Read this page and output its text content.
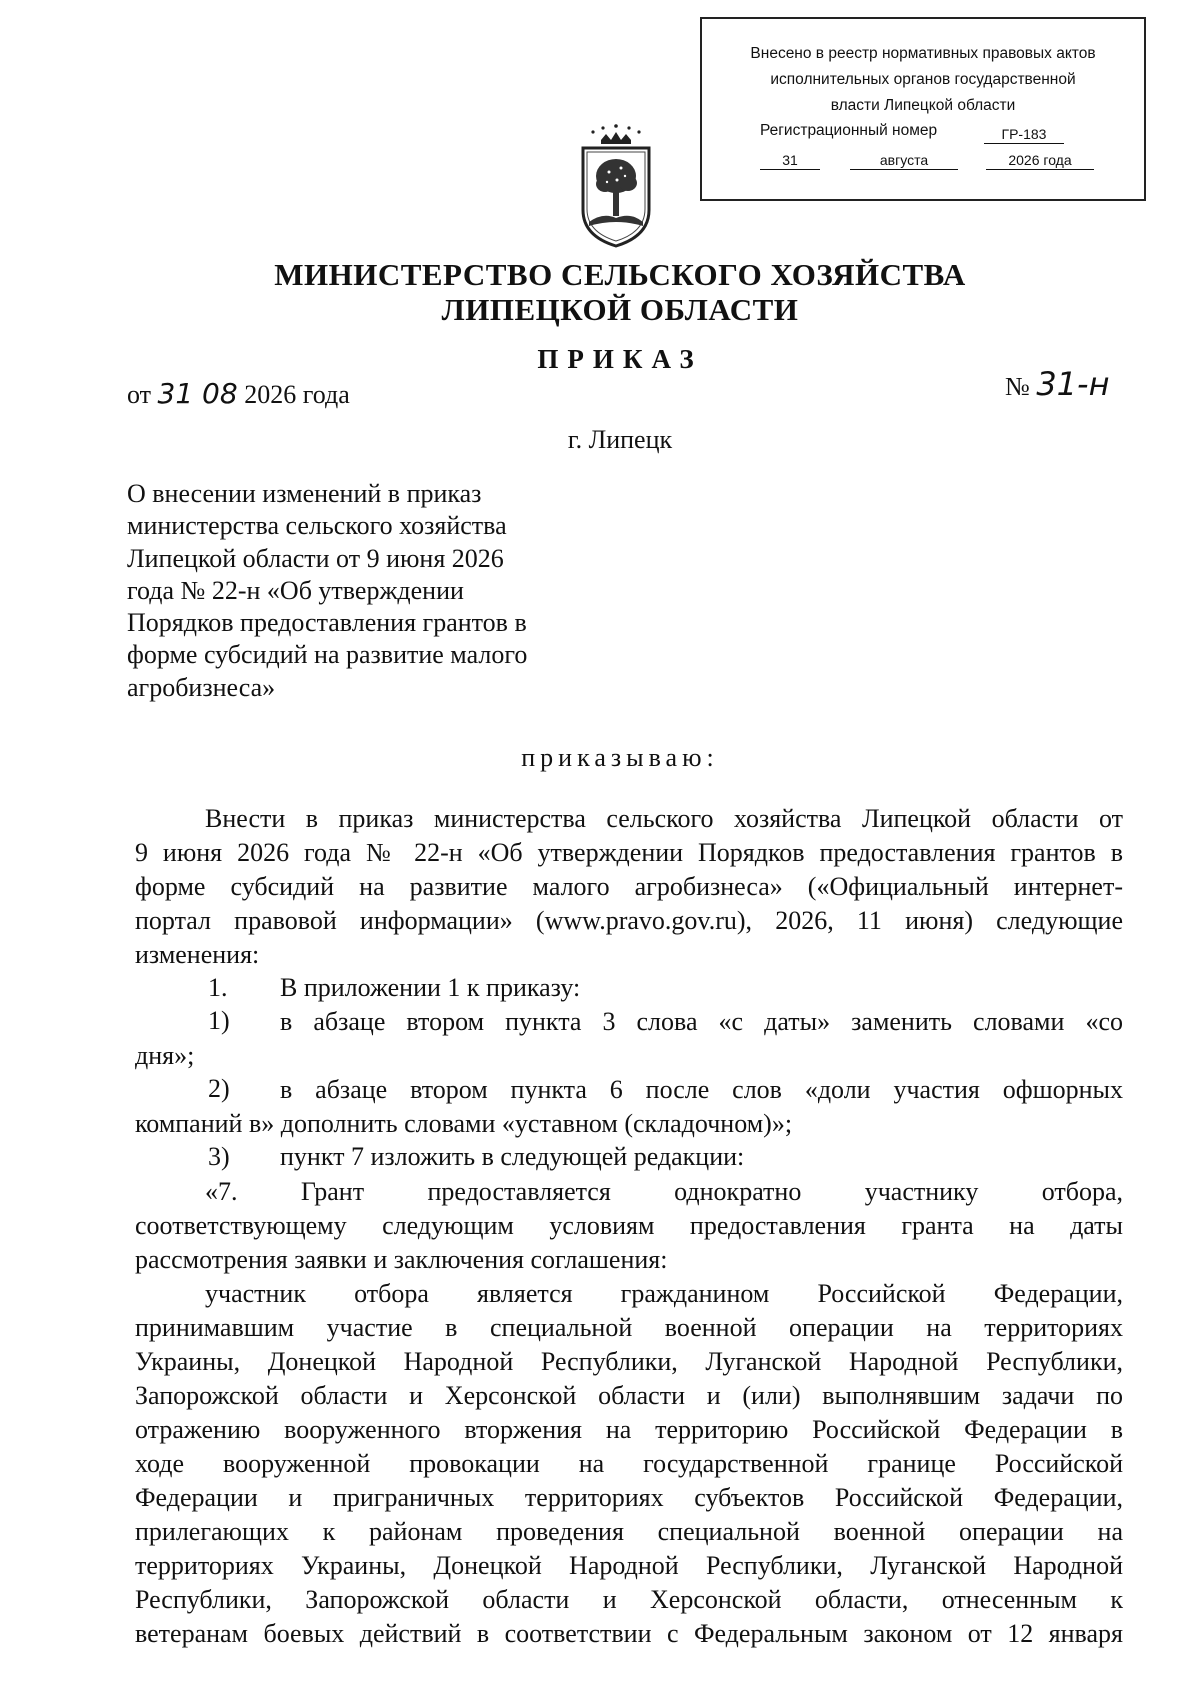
Внесено в реестр нормативных правовых актов
исполнительных органов государственной
власти Липецкой области
Регистрационный номер	ГР-183
31	августа	2026 года
МИНИСТЕРСТВО СЕЛЬСКОГО ХОЗЯЙСТВА
ЛИПЕЦКОЙ ОБЛАСТИ
ПРИКАЗ
от 31 08 2026 года	№ 31-н
г. Липецк
О внесении изменений в приказ
министерства сельского хозяйства
Липецкой области от 9 июня 2026
года № 22-н «Об утверждении
Порядков предоставления грантов в
форме субсидий на развитие малого
агробизнеса»
приказываю:
Внести в приказ министерства сельского хозяйства Липецкой области от
9 июня 2026 года № 22-н «Об утверждении Порядков предоставления грантов в
форме субсидий на развитие малого агробизнеса» («Официальный интернет-
портал правовой информации» (www.pravo.gov.ru), 2026, 11 июня) следующие
изменения:
1. В приложении 1 к приказу:
1) в абзаце втором пункта 3 слова «с даты» заменить словами «со
дня»;
2) в абзаце втором пункта 6 после слов «доли участия офшорных
компаний в» дополнить словами «уставном (складочном)»;
3) пункт 7 изложить в следующей редакции:
«7. Грант предоставляется однократно участнику отбора,
соответствующему следующим условиям предоставления гранта на даты
рассмотрения заявки и заключения соглашения:
участник отбора является гражданином Российской Федерации,
принимавшим участие в специальной военной операции на территориях
Украины, Донецкой Народной Республики, Луганской Народной Республики,
Запорожской области и Херсонской области и (или) выполнявшим задачи по
отражению вооруженного вторжения на территорию Российской Федерации в
ходе вооруженной провокации на государственной границе Российской
Федерации и приграничных территориях субъектов Российской Федерации,
прилегающих к районам проведения специальной военной операции на
территориях Украины, Донецкой Народной Республики, Луганской Народной
Республики, Запорожской области и Херсонской области, отнесенным к
ветеранам боевых действий в соответствии с Федеральным законом от 12 января
